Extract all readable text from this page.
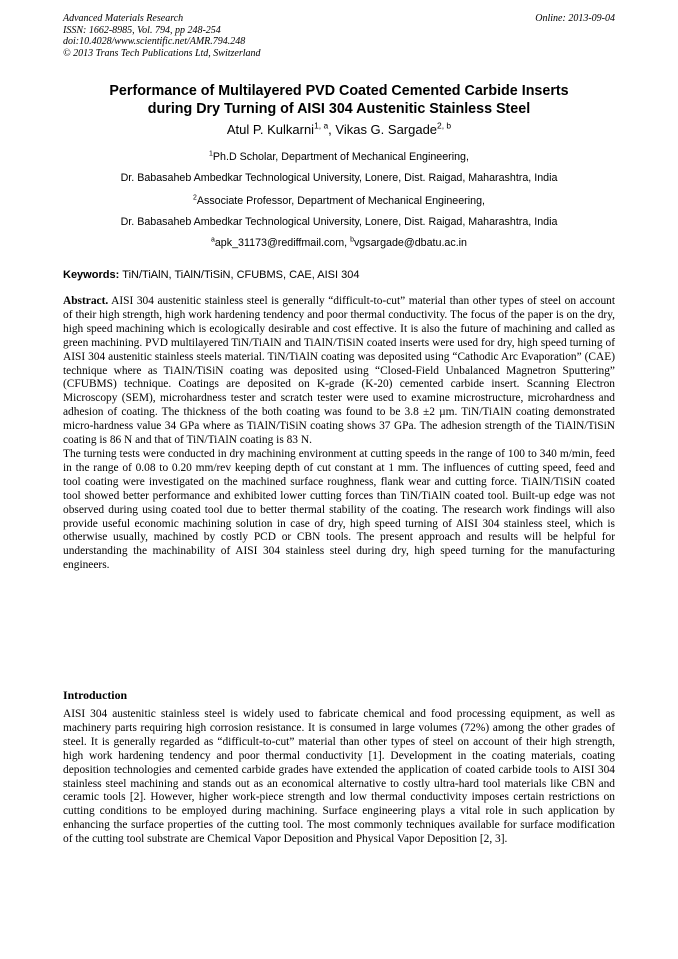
Advanced Materials Research
ISSN: 1662-8985, Vol. 794, pp 248-254
doi:10.4028/www.scientific.net/AMR.794.248
© 2013 Trans Tech Publications Ltd, Switzerland
Online: 2013-09-04
Performance of Multilayered PVD Coated Cemented Carbide Inserts
during Dry Turning of AISI 304 Austenitic Stainless Steel
Atul P. Kulkarni$^{1, a}$, Vikas G. Sargade$^{2, b}$
$^1$Ph.D Scholar, Department of Mechanical Engineering,
Dr. Babasaheb Ambedkar Technological University, Lonere, Dist. Raigad, Maharashtra, India
$^2$Associate Professor, Department of Mechanical Engineering,
Dr. Babasaheb Ambedkar Technological University, Lonere, Dist. Raigad, Maharashtra, India
$^a$apk_31173@rediffmail.com, $^b$vgsargade@dbatu.ac.in
Keywords: TiN/TiAlN, TiAlN/TiSiN, CFUBMS, CAE, AISI 304

Abstract. AISI 304 austenitic stainless steel is generally “difficult-to-cut” material than other types of steel on account of their high strength, high work hardening tendency and poor thermal conductivity. The focus of the paper is on the dry, high speed machining which is ecologically desirable and cost effective. It is also the future of machining and called as green machining. PVD multilayered TiN/TiAlN and TiAlN/TiSiN coated inserts were used for dry, high speed turning of AISI 304 austenitic stainless steels material. TiN/TiAlN coating was deposited using “Cathodic Arc Evaporation” (CAE) technique where as TiAlN/TiSiN coating was deposited using “Closed-Field Unbalanced Magnetron Sputtering” (CFUBMS) technique. Coatings are deposited on K-grade (K-20) cemented carbide insert. Scanning Electron Microscopy (SEM), microhardness tester and scratch tester were used to examine microstructure, microhardness and adhesion of coating. The thickness of the both coating was found to be 3.8 ±2 µm. TiN/TiAlN coating demonstrated micro-hardness value 34 GPa where as TiAlN/TiSiN coating shows 37 GPa. The adhesion strength of the TiAlN/TiSiN coating is 86 N and that of TiN/TiAlN coating is 83 N.

The turning tests were conducted in dry machining environment at cutting speeds in the range of 100 to 340 m/min, feed in the range of 0.08 to 0.20 mm/rev keeping depth of cut constant at 1 mm. The influences of cutting speed, feed and tool coating were investigated on the machined surface roughness, flank wear and cutting force. TiAlN/TiSiN coated tool showed better performance and exhibited lower cutting forces than TiN/TiAlN coated tool. Built-up edge was not observed during using coated tool due to better thermal stability of the coating. The research work findings will also provide useful economic machining solution in case of dry, high speed turning of AISI 304 stainless steel, which is otherwise usually, machined by costly PCD or CBN tools. The present approach and results will be helpful for understanding the machinability of AISI 304 stainless steel during dry, high speed turning for the manufacturing engineers.

Introduction

AISI 304 austenitic stainless steel is widely used to fabricate chemical and food processing equipment, as well as machinery parts requiring high corrosion resistance. It is consumed in large volumes (72%) among the other grades of steel. It is generally regarded as “difficult-to-cut” material than other types of steel on account of their high strength, high work hardening tendency and poor thermal conductivity [1]. Development in the coating materials, coating deposition technologies and cemented carbide grades have extended the application of coated carbide tools to AISI 304 stainless steel machining and stands out as an economical alternative to costly ultra-hard tool materials like CBN and ceramic tools [2]. However, higher work-piece strength and low thermal conductivity imposes certain restrictions on cutting conditions to be employed during machining. Surface engineering plays a vital role in such application by enhancing the surface properties of the cutting tool. The most commonly techniques available for surface modification of the cutting tool substrate are Chemical Vapor Deposition and Physical Vapor Deposition [2, 3].
